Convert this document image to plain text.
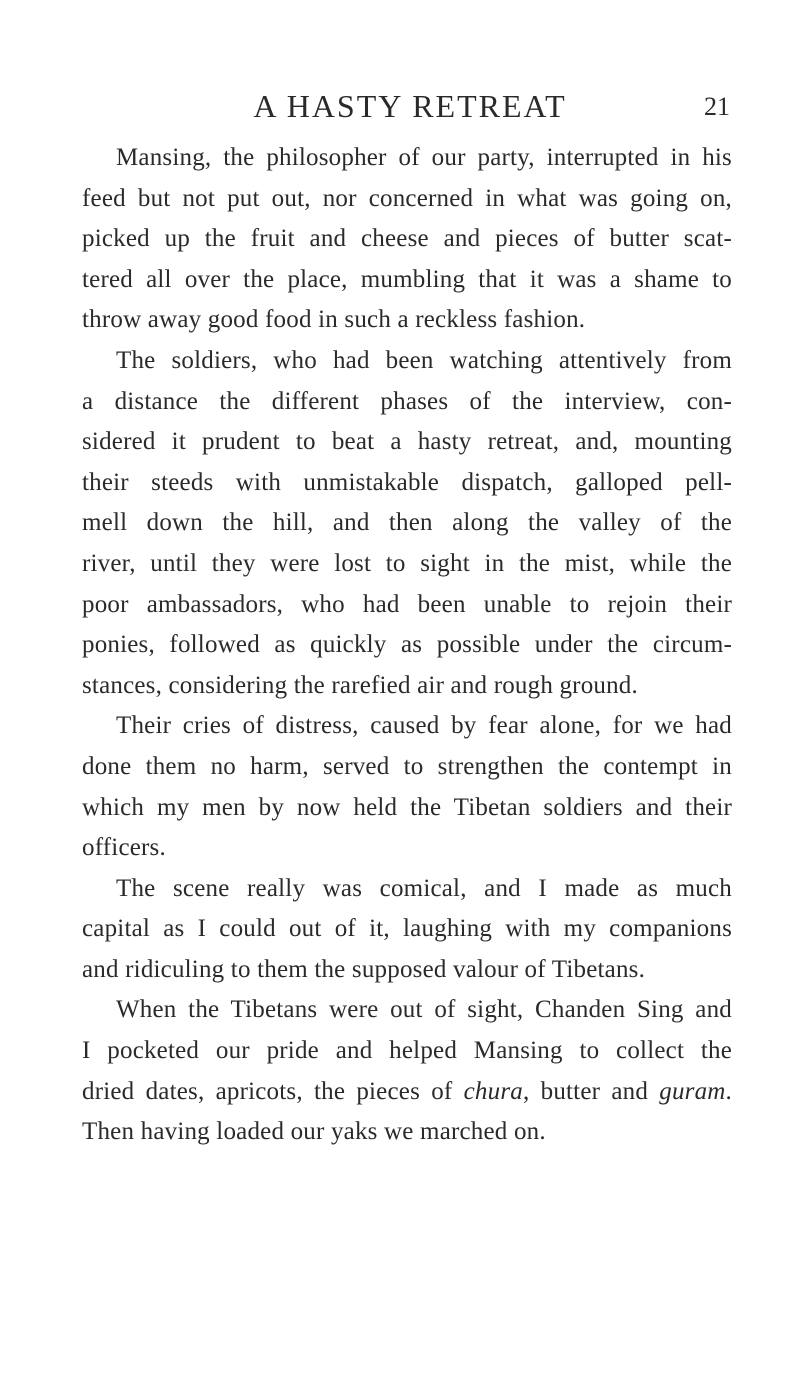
A HASTY RETREAT	21
Mansing, the philosopher of our party, interrupted in his
feed but not put out, nor concerned in what was going on,
picked up the fruit and cheese and pieces of butter scat-
tered all over the place, mumbling that it was a shame to
throw away good food in such a reckless fashion.
The soldiers, who had been watching attentively from
a distance the different phases of the interview, con-
sidered it prudent to beat a hasty retreat, and, mounting
their steeds with unmistakable dispatch, galloped pell-
mell down the hill, and then along the valley of the
river, until they were lost to sight in the mist, while the
poor ambassadors, who had been unable to rejoin their
ponies, followed as quickly as possible under the circum-
stances, considering the rarefied air and rough ground.
Their cries of distress, caused by fear alone, for we had
done them no harm, served to strengthen the contempt in
which my men by now held the Tibetan soldiers and their
officers.
The scene really was comical, and I made as much
capital as I could out of it, laughing with my companions
and ridiculing to them the supposed valour of Tibetans.
When the Tibetans were out of sight, Chanden Sing and
I pocketed our pride and helped Mansing to collect the
dried dates, apricots, the pieces of chura, butter and guram.
Then having loaded our yaks we marched on.
